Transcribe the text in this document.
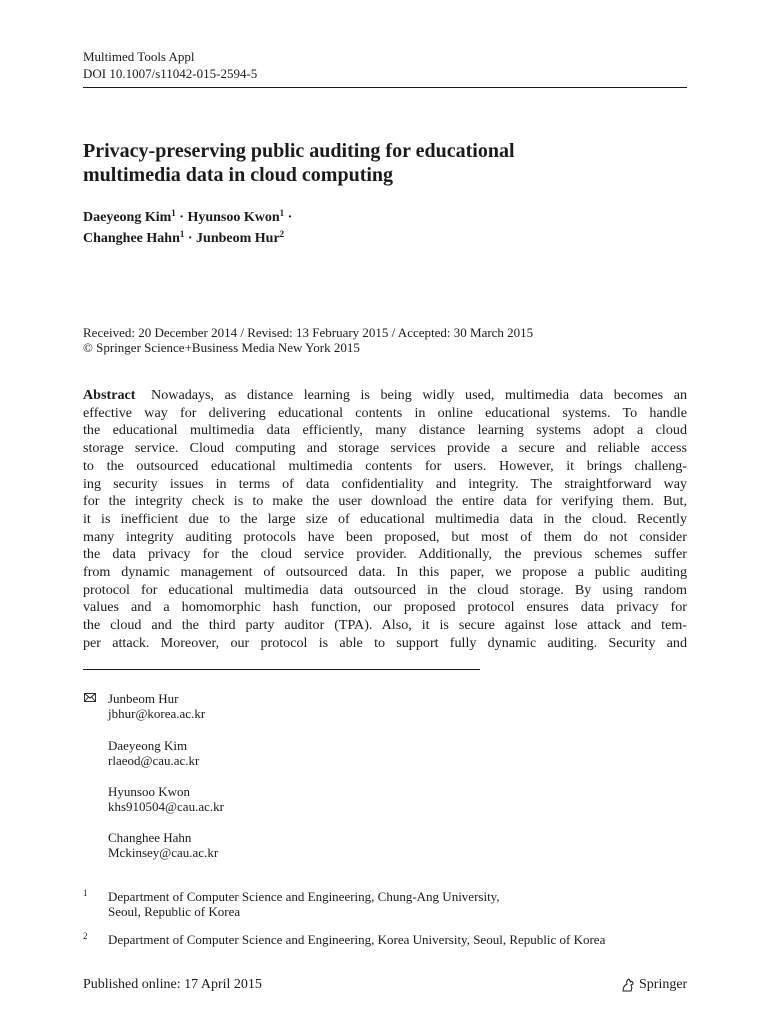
Multimed Tools Appl
DOI 10.1007/s11042-015-2594-5
Privacy-preserving public auditing for educational
multimedia data in cloud computing
Daeyeong Kim$^1$ · Hyunsoo Kwon$^1$ ·
Changhee Hahn$^1$ · Junbeom Hur$^2$
Received: 20 December 2014 / Revised: 13 February 2015 / Accepted: 30 March 2015
© Springer Science+Business Media New York 2015
Abstract Nowadays, as distance learning is being widly used, multimedia data becomes an
effective way for delivering educational contents in online educational systems. To handle
the educational multimedia data efficiently, many distance learning systems adopt a cloud
storage service. Cloud computing and storage services provide a secure and reliable access
to the outsourced educational multimedia contents for users. However, it brings challeng-
ing security issues in terms of data confidentiality and integrity. The straightforward way
for the integrity check is to make the user download the entire data for verifying them. But,
it is inefficient due to the large size of educational multimedia data in the cloud. Recently
many integrity auditing protocols have been proposed, but most of them do not consider
the data privacy for the cloud service provider. Additionally, the previous schemes suffer
from dynamic management of outsourced data. In this paper, we propose a public auditing
protocol for educational multimedia data outsourced in the cloud storage. By using random
values and a homomorphic hash function, our proposed protocol ensures data privacy for
the cloud and the third party auditor (TPA). Also, it is secure against lose attack and tem-
per attack. Moreover, our protocol is able to support fully dynamic auditing. Security and
Junbeom Hur
jbhur@korea.ac.kr
Daeyeong Kim
rlaeod@cau.ac.kr
Hyunsoo Kwon
khs910504@cau.ac.kr
Changhee Hahn
Mckinsey@cau.ac.kr
1 Department of Computer Science and Engineering, Chung-Ang University,
Seoul, Republic of Korea
2 Department of Computer Science and Engineering, Korea University, Seoul, Republic of Korea
Published online: 17 April 2015	Springer
